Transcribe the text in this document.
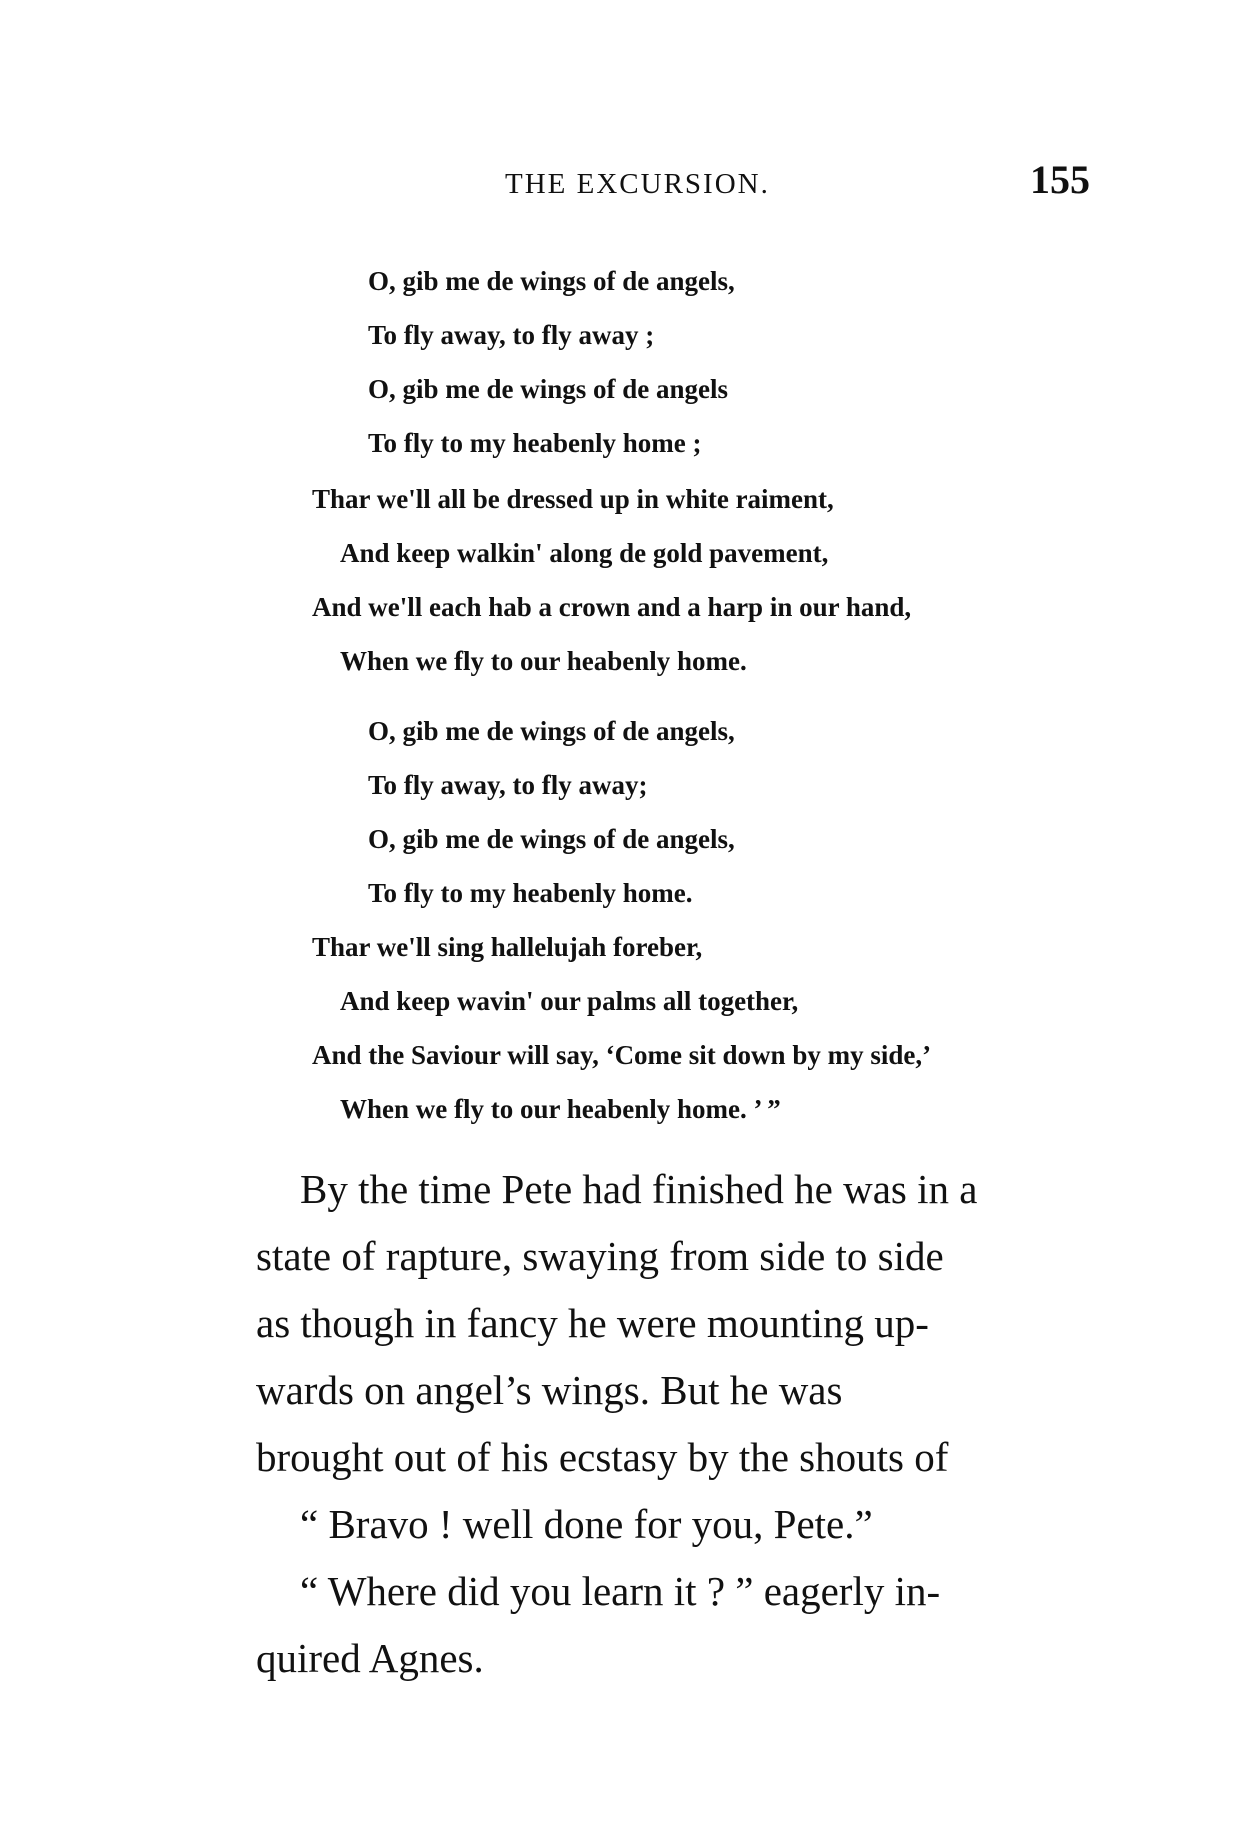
THE EXCURSION.	155
O, gib me de wings of de angels,
To fly away, to fly away ;
O, gib me de wings of de angels
To fly to my heabenly home ;
Thar we'll all be dressed up in white raiment,
And keep walkin' along de gold pavement,
And we'll each hab a crown and a harp in our hand,
When we fly to our heabenly home.
O, gib me de wings of de angels,
To fly away, to fly away;
O, gib me de wings of de angels,
To fly to my heabenly home.
Thar we'll sing hallelujah foreber,
And keep wavin' our palms all together,
And the Saviour will say, ‘Come sit down by my side,’
When we fly to our heabenly home. ’ ”
By the time Pete had finished he was in a
state of rapture, swaying from side to side
as though in fancy he were mounting up-
wards on angel’s wings. But he was
brought out of his ecstasy by the shouts of
“ Bravo ! well done for you, Pete.”
“ Where did you learn it ? ” eagerly in-
quired Agnes.
